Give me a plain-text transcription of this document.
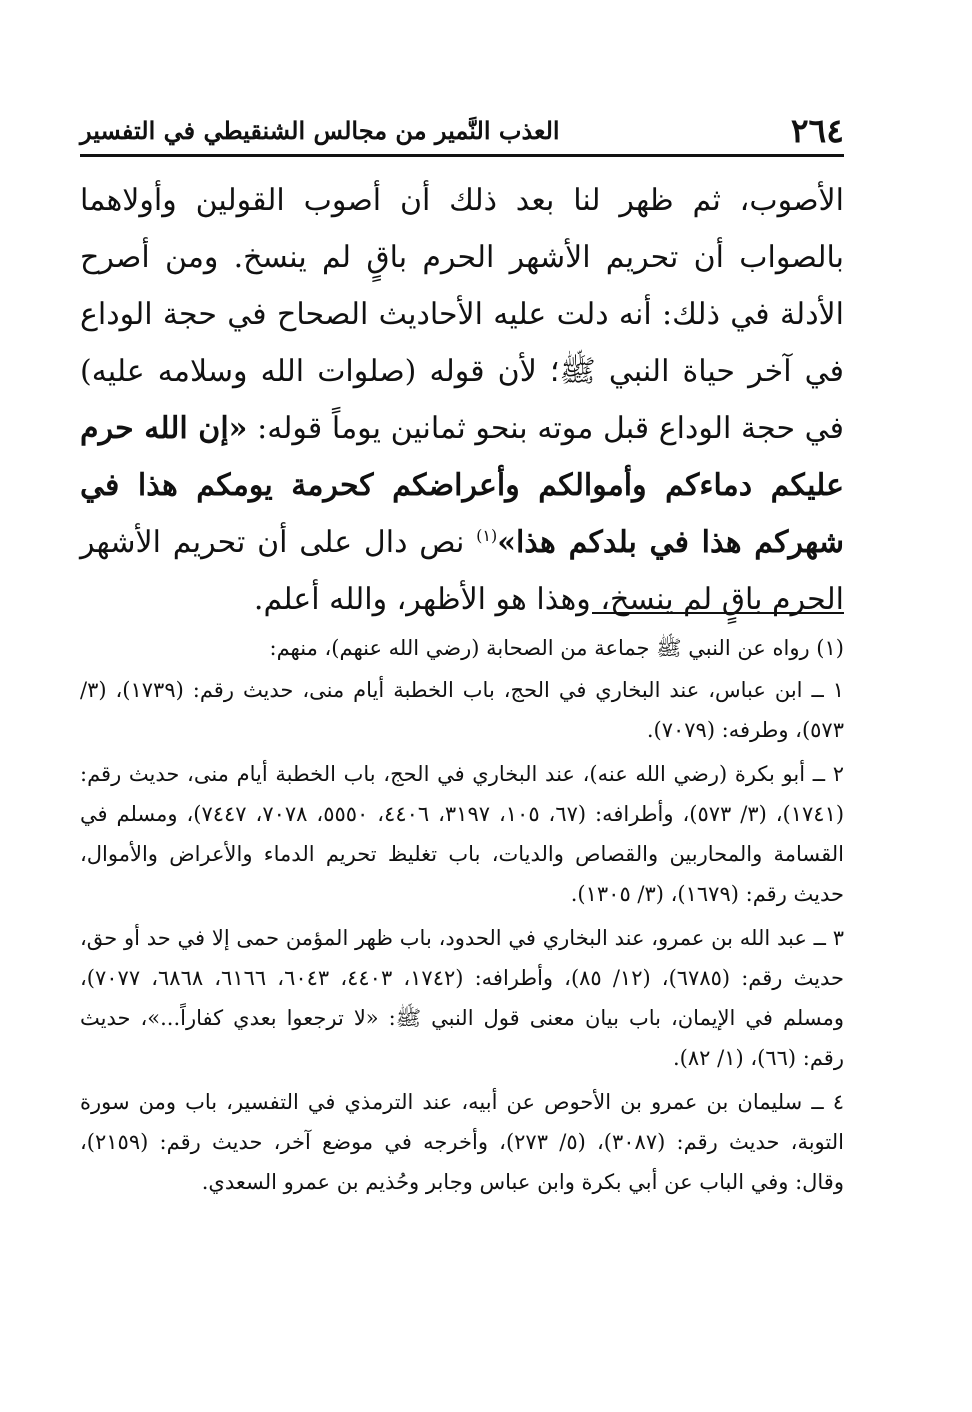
٢٦٤
العذب النَّمير من مجالس الشنقيطي في التفسير
الأصوب، ثم ظهر لنا بعد ذلك أن أصوب القولين وأولاهما بالصواب أن تحريم الأشهر الحرم باقٍ لم ينسخ. ومن أصرح الأدلة في ذلك: أنه دلت عليه الأحاديث الصحاح في حجة الوداع في آخر حياة النبي ﷺ؛ لأن قوله (صلوات الله وسلامه عليه) في حجة الوداع قبل موته بنحو ثمانين يوماً قوله: «إن الله حرم عليكم دماءكم وأموالكم وأعراضكم كحرمة يومكم هذا في شهركم هذا في بلدكم هذا»$^{(١)}$ نص دال على أن تحريم الأشهر الحرم باقٍ لم ينسخ، وهذا هو الأظهر، والله أعلم.
(١) رواه عن النبي ﷺ جماعة من الصحابة (رضي الله عنهم)، منهم:
١ ــ ابن عباس، عند البخاري في الحج، باب الخطبة أيام منى، حديث رقم: (١٧٣٩)، (٣/ ٥٧٣)، وطرفه: (٧٠٧٩).
٢ ــ أبو بكرة (رضي الله عنه)، عند البخاري في الحج، باب الخطبة أيام منى، حديث رقم: (١٧٤١)، (٣/ ٥٧٣)، وأطرافه: (٦٧، ١٠٥، ٣١٩٧، ٤٤٠٦، ٥٥٥٠، ٧٠٧٨، ٧٤٤٧)، ومسلم في القسامة والمحاربين والقصاص والديات، باب تغليظ تحريم الدماء والأعراض والأموال، حديث رقم: (١٦٧٩)، (٣/ ١٣٠٥).
٣ ــ عبد الله بن عمرو، عند البخاري في الحدود، باب ظهر المؤمن حمى إلا في حد أو حق، حديث رقم: (٦٧٨٥)، (١٢/ ٨٥)، وأطرافه: (١٧٤٢، ٤٤٠٣، ٦٠٤٣، ٦١٦٦، ٦٨٦٨، ٧٠٧٧)، ومسلم في الإيمان، باب بيان معنى قول النبي ﷺ: «لا ترجعوا بعدي كفاراً...»، حديث رقم: (٦٦)، (١/ ٨٢).
٤ ــ سليمان بن عمرو بن الأحوص عن أبيه، عند الترمذي في التفسير، باب ومن سورة التوبة، حديث رقم: (٣٠٨٧)، (٥/ ٢٧٣)، وأخرجه في موضع آخر، حديث رقم: (٢١٥٩)، وقال: وفي الباب عن أبي بكرة وابن عباس وجابر وحُذيم بن عمرو السعدي.
